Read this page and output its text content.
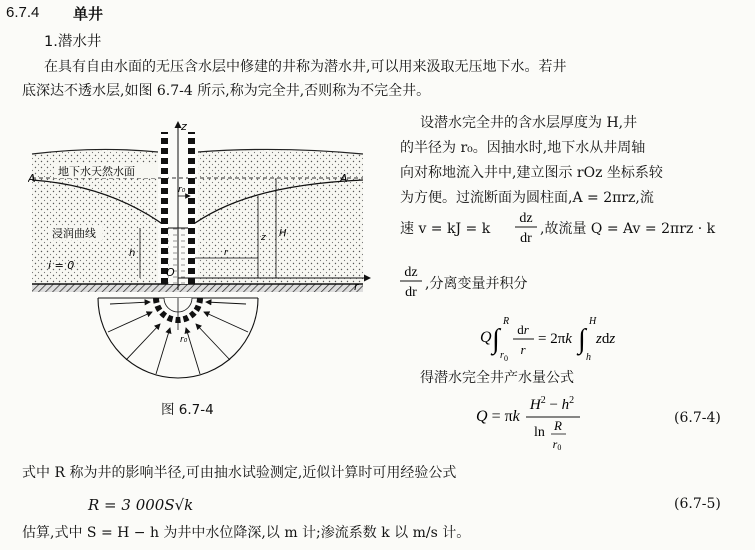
6.7.4 单井
1.潜水井
在具有自由水面的无压含水层中修建的井称为潜水井,可以用来汲取无压地下水。若井
底深达不透水层,如图 6.7-4 所示,称为完全井,否则称为不完全井。
设潜水完全井的含水层厚度为 H,井
的半径为 r₀。因抽水时,地下水从井周轴
向对称地流入井中,建立图示 rOz 坐标系较
为方便。过流断面为圆柱面,A = 2πrz,流
速 v = kJ = k
dz
dr
,故流量 Q = Av = 2πrz · k
dz
dr
,分离变量并积分
Q ∫
R
r 0
dr
r
= 2πk ∫
H
h
zdz
得潜水完全井产水量公式
Q = πk
$H^2 - h^2$
ln R
r0
(6.7-4)
z
r
O
r₀
h
z
r
H
地下水天然水面
A	A
浸润曲线
i = 0
r₀
图 6.7-4
式中 R 称为井的影响半径,可由抽水试验测定,近似计算时可用经验公式
R = 3 000S√k	(6.7-5)
估算,式中 S = H − h 为井中水位降深,以 m 计;渗流系数 k 以 m/s 计。
